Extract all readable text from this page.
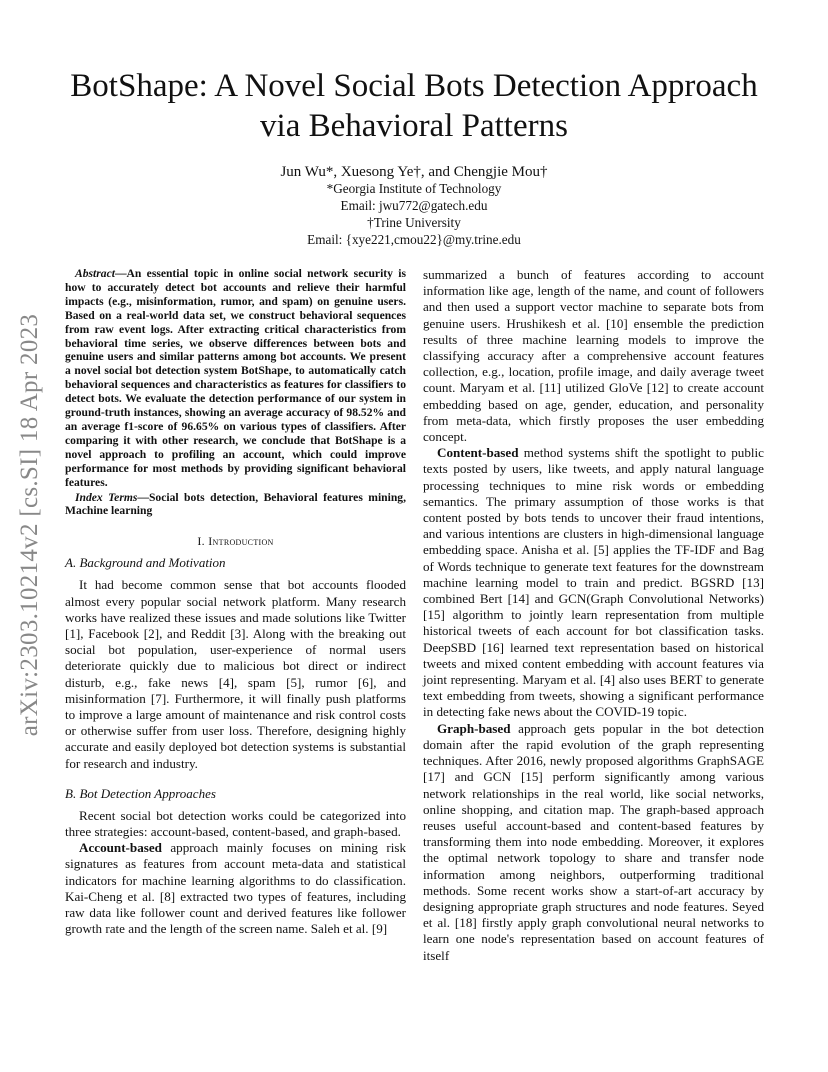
arXiv:2303.10214v2 [cs.SI] 18 Apr 2023
BotShape: A Novel Social Bots Detection Approach via Behavioral Patterns
Jun Wu*, Xuesong Ye†, and Chengjie Mou†
*Georgia Institute of Technology
Email: jwu772@gatech.edu
†Trine University
Email: {xye221,cmou22}@my.trine.edu

Abstract—An essential topic in online social network security is how to accurately detect bot accounts and relieve their harmful impacts (e.g., misinformation, rumor, and spam) on genuine users. Based on a real-world data set, we construct behavioral sequences from raw event logs. After extracting critical characteristics from behavioral time series, we observe differences between bots and genuine users and similar patterns among bot accounts. We present a novel social bot detection system BotShape, to automatically catch behavioral sequences and characteristics as features for classifiers to detect bots. We evaluate the detection performance of our system in ground-truth instances, showing an average accuracy of 98.52% and an average f1-score of 96.65% on various types of classifiers. After comparing it with other research, we conclude that BotShape is a novel approach to profiling an account, which could improve performance for most methods by providing significant behavioral features.

Index Terms—Social bots detection, Behavioral features mining, Machine learning

I. Introduction
A. Background and Motivation

It had become common sense that bot accounts flooded almost every popular social network platform. Many research works have realized these issues and made solutions like Twitter [1], Facebook [2], and Reddit [3]. Along with the breaking out social bot population, user-experience of normal users deteriorate quickly due to malicious bot direct or indirect disturb, e.g., fake news [4], spam [5], rumor [6], and misinformation [7]. Furthermore, it will finally push platforms to improve a large amount of maintenance and risk control costs or otherwise suffer from user loss. Therefore, designing highly accurate and easily deployed bot detection systems is substantial for research and industry.

B. Bot Detection Approaches

Recent social bot detection works could be categorized into three strategies: account-based, content-based, and graph-based.

Account-based approach mainly focuses on mining risk signatures as features from account meta-data and statistical indicators for machine learning algorithms to do classification. Kai-Cheng et al. [8] extracted two types of features, including raw data like follower count and derived features like follower growth rate and the length of the screen name. Saleh et al. [9]

summarized a bunch of features according to account information like age, length of the name, and count of followers and then used a support vector machine to separate bots from genuine users. Hrushikesh et al. [10] ensemble the prediction results of three machine learning models to improve the classifying accuracy after a comprehensive account features collection, e.g., location, profile image, and daily average tweet count. Maryam et al. [11] utilized GloVe [12] to create account embedding based on age, gender, education, and personality from meta-data, which firstly proposes the user embedding concept.

Content-based method systems shift the spotlight to public texts posted by users, like tweets, and apply natural language processing techniques to mine risk words or embedding semantics. The primary assumption of those works is that content posted by bots tends to uncover their fraud intentions, and various intentions are clusters in high-dimensional language embedding space. Anisha et al. [5] applies the TF-IDF and Bag of Words technique to generate text features for the downstream machine learning model to train and predict. BGSRD [13] combined Bert [14] and GCN(Graph Convolutional Networks) [15] algorithm to jointly learn representation from multiple historical tweets of each account for bot classification tasks. DeepSBD [16] learned text representation based on historical tweets and mixed content embedding with account features via joint representing. Maryam et al. [4] also uses BERT to generate text embedding from tweets, showing a significant performance in detecting fake news about the COVID-19 topic.

Graph-based approach gets popular in the bot detection domain after the rapid evolution of the graph representing techniques. After 2016, newly proposed algorithms GraphSAGE [17] and GCN [15] perform significantly among various network relationships in the real world, like social networks, online shopping, and citation map. The graph-based approach reuses useful account-based and content-based features by transforming them into node embedding. Moreover, it explores the optimal network topology to share and transfer node information among neighbors, outperforming traditional methods. Some recent works show a start-of-art accuracy by designing appropriate graph structures and node features. Seyed et al. [18] firstly apply graph convolutional neural networks to learn one node's representation based on account features of itself
